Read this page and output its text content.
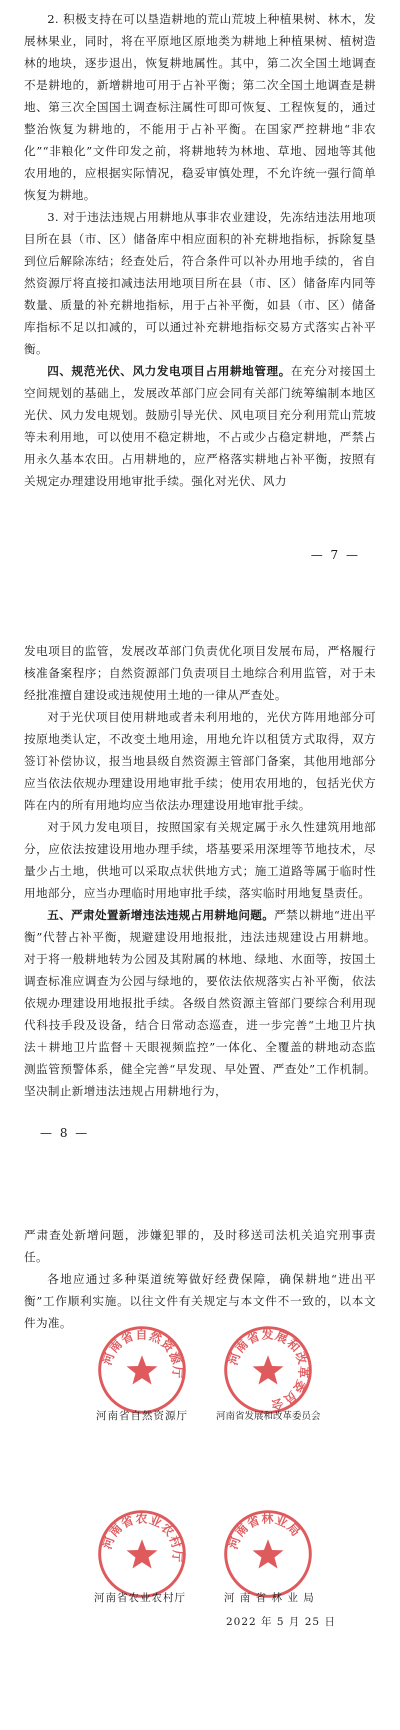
2. 积极支持在可以垦造耕地的荒山荒坡上种植果树、林木，发展林果业，同时，将在平原地区原地类为耕地上种植果树、植树造林的地块，逐步退出，恢复耕地属性。其中，第二次全国土地调查不是耕地的，新增耕地可用于占补平衡；第二次全国土地调查是耕地、第三次全国国土调查标注属性可即可恢复、工程恢复的，通过整治恢复为耕地的，不能用于占补平衡。在国家严控耕地“非农化”“非粮化”文件印发之前，将耕地转为林地、草地、园地等其他农用地的，应根据实际情况，稳妥审慎处理，不允许统一强行简单恢复为耕地。

3. 对于违法违规占用耕地从事非农业建设，先冻结违法用地项目所在县（市、区）储备库中相应面积的补充耕地指标，拆除复垦到位后解除冻结；经查处后，符合条件可以补办用地手续的，省自然资源厅将直接扣减违法用地项目所在县（市、区）储备库内同等数量、质量的补充耕地指标，用于占补平衡，如县（市、区）储备库指标不足以扣减的，可以通过补充耕地指标交易方式落实占补平衡。

四、规范光伏、风力发电项目占用耕地管理。在充分对接国土空间规划的基础上，发展改革部门应会同有关部门统筹编制本地区光伏、风力发电规划。鼓励引导光伏、风电项目充分利用荒山荒坡等未利用地，可以使用不稳定耕地，不占或少占稳定耕地，严禁占用永久基本农田。占用耕地的，应严格落实耕地占补平衡，按照有关规定办理建设用地审批手续。强化对光伏、风力

— 7 —

发电项目的监管，发展改革部门负责优化项目发展布局，严格履行核准备案程序；自然资源部门负责项目土地综合利用监管，对于未经批准擅自建设或违规使用土地的一律从严查处。

对于光伏项目使用耕地或者未利用地的，光伏方阵用地部分可按原地类认定，不改变土地用途，用地允许以租赁方式取得，双方签订补偿协议，报当地县级自然资源主管部门备案，其他用地部分应当依法依规办理建设用地审批手续；使用农用地的，包括光伏方阵在内的所有用地均应当依法办理建设用地审批手续。

对于风力发电项目，按照国家有关规定属于永久性建筑用地部分，应依法按建设用地办理手续，塔基要采用深埋等节地技术，尽量少占土地，供地可以采取点状供地方式；施工道路等属于临时性用地部分，应当办理临时用地审批手续，落实临时用地复垦责任。

五、严肃处置新增违法违规占用耕地问题。严禁以耕地“进出平衡”代替占补平衡，规避建设用地报批，违法违规建设占用耕地。对于将一般耕地转为公园及其附属的林地、绿地、水面等，按国土调查标准应调查为公园与绿地的，要依法依规落实占补平衡，依法依规办理建设用地报批手续。各级自然资源主管部门要综合利用现代科技手段及设备，结合日常动态巡查，进一步完善“土地卫片执法＋耕地卫片监督＋天眼视频监控”一体化、全覆盖的耕地动态监测监管预警体系，健全完善“早发现、早处置、严查处”工作机制。坚决制止新增违法违规占用耕地行为，

— 8 —

严肃查处新增问题，涉嫌犯罪的，及时移送司法机关追究刑事责任。

各地应通过多种渠道统筹做好经费保障，确保耕地“进出平衡”工作顺利实施。以往文件有关规定与本文件不一致的，以本文件为准。

河南省自然资源厅
河南省自然资源厅
河南省发展和改革委员会
河南省发展和改革委员会
河南省农业农村厅
河南省农业农村厅
河南省林业局
河 南 省 林 业 局
2022 年 5 月 25 日
